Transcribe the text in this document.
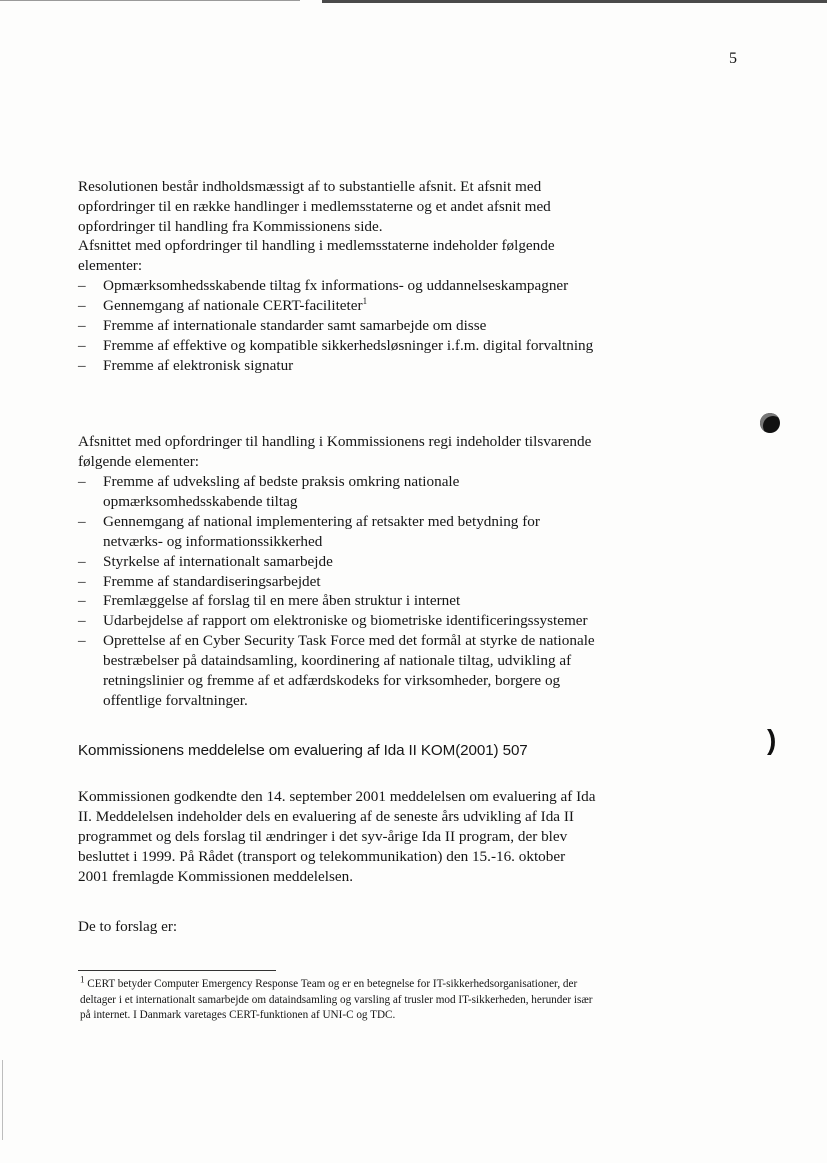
5

Resolutionen består indholdsmæssigt af to substantielle afsnit. Et afsnit med opfordringer til en række handlinger i medlemsstaterne og et andet afsnit med opfordringer til handling fra Kommissionens side.

Afsnittet med opfordringer til handling i medlemsstaterne indeholder følgende elementer:

– Opmærksomhedsskabende tiltag fx informations- og uddannelseskampagner
– Gennemgang af nationale CERT-faciliteter$^1$
– Fremme af internationale standarder samt samarbejde om disse
– Fremme af effektive og kompatible sikkerhedsløsninger i.f.m. digital forvaltning
– Fremme af elektronisk signatur

Afsnittet med opfordringer til handling i Kommissionens regi indeholder tilsvarende følgende elementer:

– Fremme af udveksling af bedste praksis omkring nationale opmærksomhedsskabende tiltag
– Gennemgang af national implementering af retsakter med betydning for netværks- og informationssikkerhed
– Styrkelse af internationalt samarbejde
– Fremme af standardiseringsarbejdet
– Fremlæggelse af forslag til en mere åben struktur i internet
– Udarbejdelse af rapport om elektroniske og biometriske identificeringssystemer
– Oprettelse af en Cyber Security Task Force med det formål at styrke de nationale bestræbelser på dataindsamling, koordinering af nationale tiltag, udvikling af retningslinier og fremme af et adfærdskodeks for virksomheder, borgere og offentlige forvaltninger.
Kommissionens meddelelse om evaluering af Ida II KOM(2001) 507

Kommissionen godkendte den 14. september 2001 meddelelsen om evaluering af Ida II. Meddelelsen indeholder dels en evaluering af de seneste års udvikling af Ida II programmet og dels forslag til ændringer i det syv-årige Ida II program, der blev besluttet i 1999. På Rådet (transport og telekommunikation) den 15.-16. oktober 2001 fremlagde Kommissionen meddelelsen.

De to forslag er:

$^1$ CERT betyder Computer Emergency Response Team og er en betegnelse for IT-sikkerhedsorganisationer, der deltager i et internationalt samarbejde om dataindsamling og varsling af trusler mod IT-sikkerheden, herunder især på internet. I Danmark varetages CERT-funktionen af UNI-C og TDC.

)
